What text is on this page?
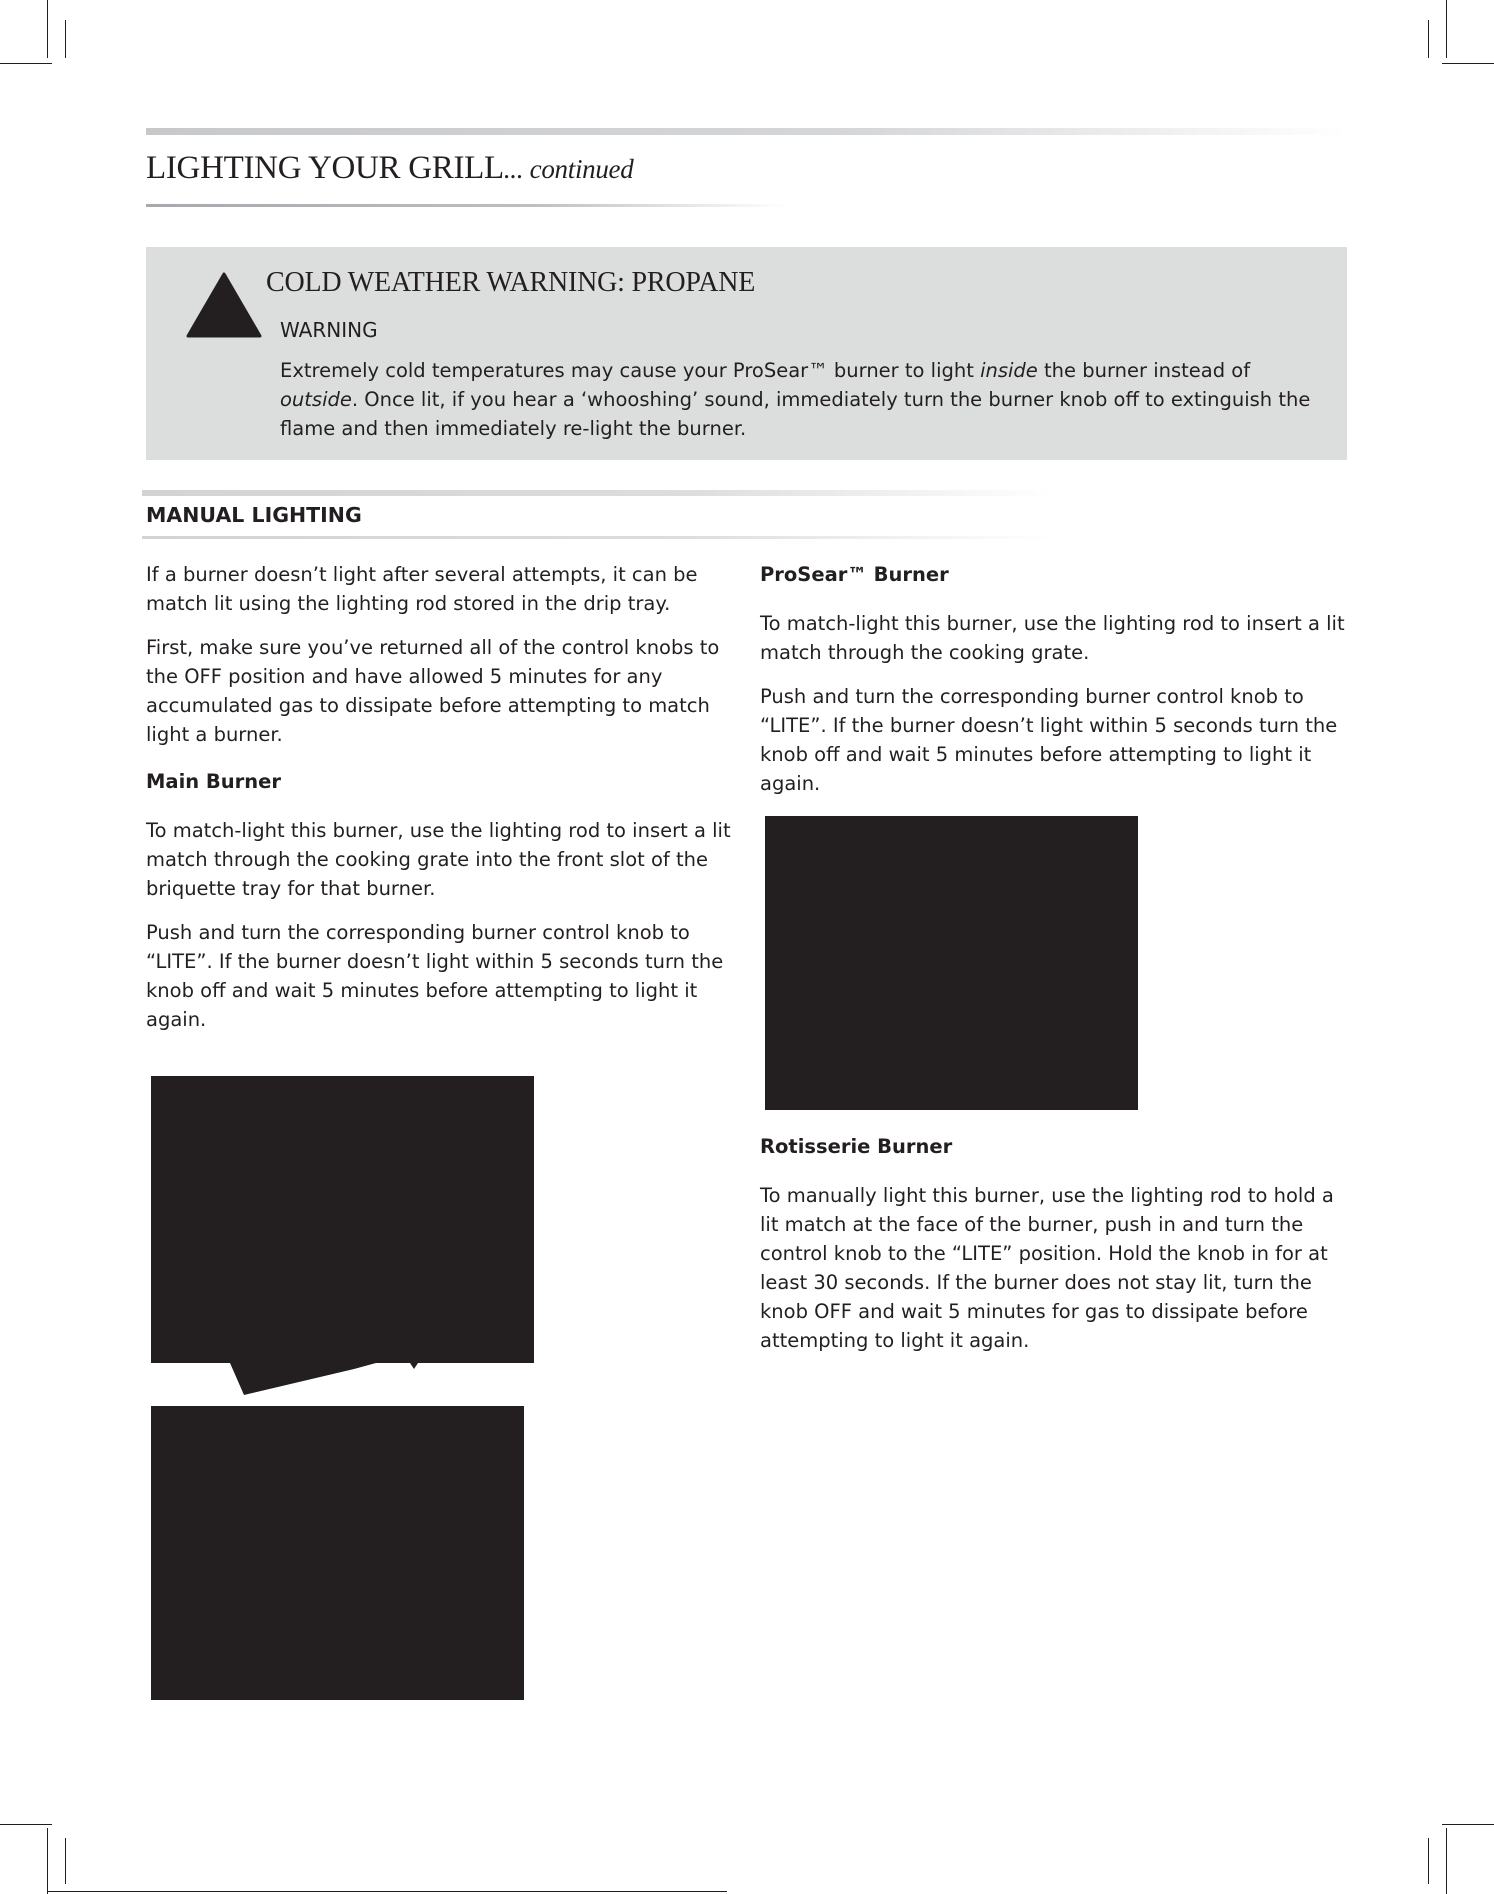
LIGHTING YOUR GRILL... continued
COLD WEATHER WARNING: PROPANE
WARNING

Extremely cold temperatures may cause your ProSear™ burner to light inside the burner instead of outside. Once lit, if you hear a ‘whooshing’ sound, immediately turn the burner knob off to extinguish the flame and then immediately re-light the burner.

MANUAL LIGHTING

If a burner doesn’t light after several attempts, it can be match lit using the lighting rod stored in the drip tray.

First, make sure you’ve returned all of the control knobs to the OFF position and have allowed 5 minutes for any accumulated gas to dissipate before attempting to match light a burner.

Main Burner

To match-light this burner, use the lighting rod to insert a lit match through the cooking grate into the front slot of the briquette tray for that burner.

Push and turn the corresponding burner control knob to “LITE”. If the burner doesn’t light within 5 seconds turn the knob off and wait 5 minutes before attempting to light it again.

ProSear™ Burner

To match-light this burner, use the lighting rod to insert a lit match through the cooking grate.

Push and turn the corresponding burner control knob to “LITE”. If the burner doesn’t light within 5 seconds turn the knob off and wait 5 minutes before attempting to light it again.

Rotisserie Burner

To manually light this burner, use the lighting rod to hold a lit match at the face of the burner, push in and turn the control knob to the “LITE” position. Hold the knob in for at least 30 seconds. If the burner does not stay lit, turn the knob OFF and wait 5 minutes for gas to dissipate before attempting to light it again.
